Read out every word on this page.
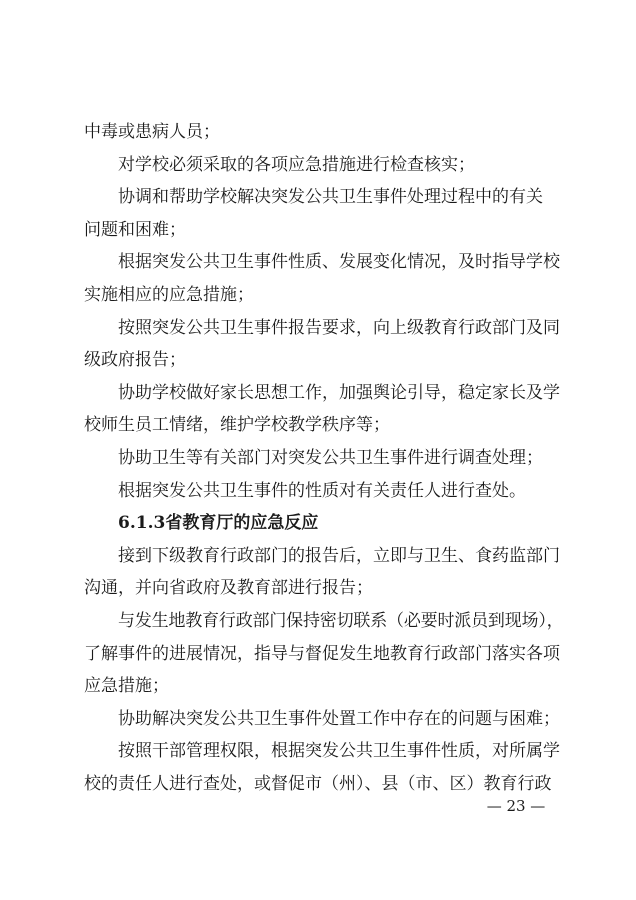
中毒或患病人员；
对学校必须采取的各项应急措施进行检查核实；
协调和帮助学校解决突发公共卫生事件处理过程中的有关
问题和困难；
根据突发公共卫生事件性质、发展变化情况，及时指导学校
实施相应的应急措施；
按照突发公共卫生事件报告要求，向上级教育行政部门及同
级政府报告；
协助学校做好家长思想工作，加强舆论引导，稳定家长及学
校师生员工情绪，维护学校教学秩序等；
协助卫生等有关部门对突发公共卫生事件进行调查处理；
根据突发公共卫生事件的性质对有关责任人进行查处。
6.1.3省教育厅的应急反应
接到下级教育行政部门的报告后，立即与卫生、食药监部门
沟通，并向省政府及教育部进行报告；
与发生地教育行政部门保持密切联系（必要时派员到现场），
了解事件的进展情况，指导与督促发生地教育行政部门落实各项
应急措施；
协助解决突发公共卫生事件处置工作中存在的问题与困难；
按照干部管理权限，根据突发公共卫生事件性质，对所属学
校的责任人进行查处，或督促市（州）、县（市、区）教育行政
— 23 —
